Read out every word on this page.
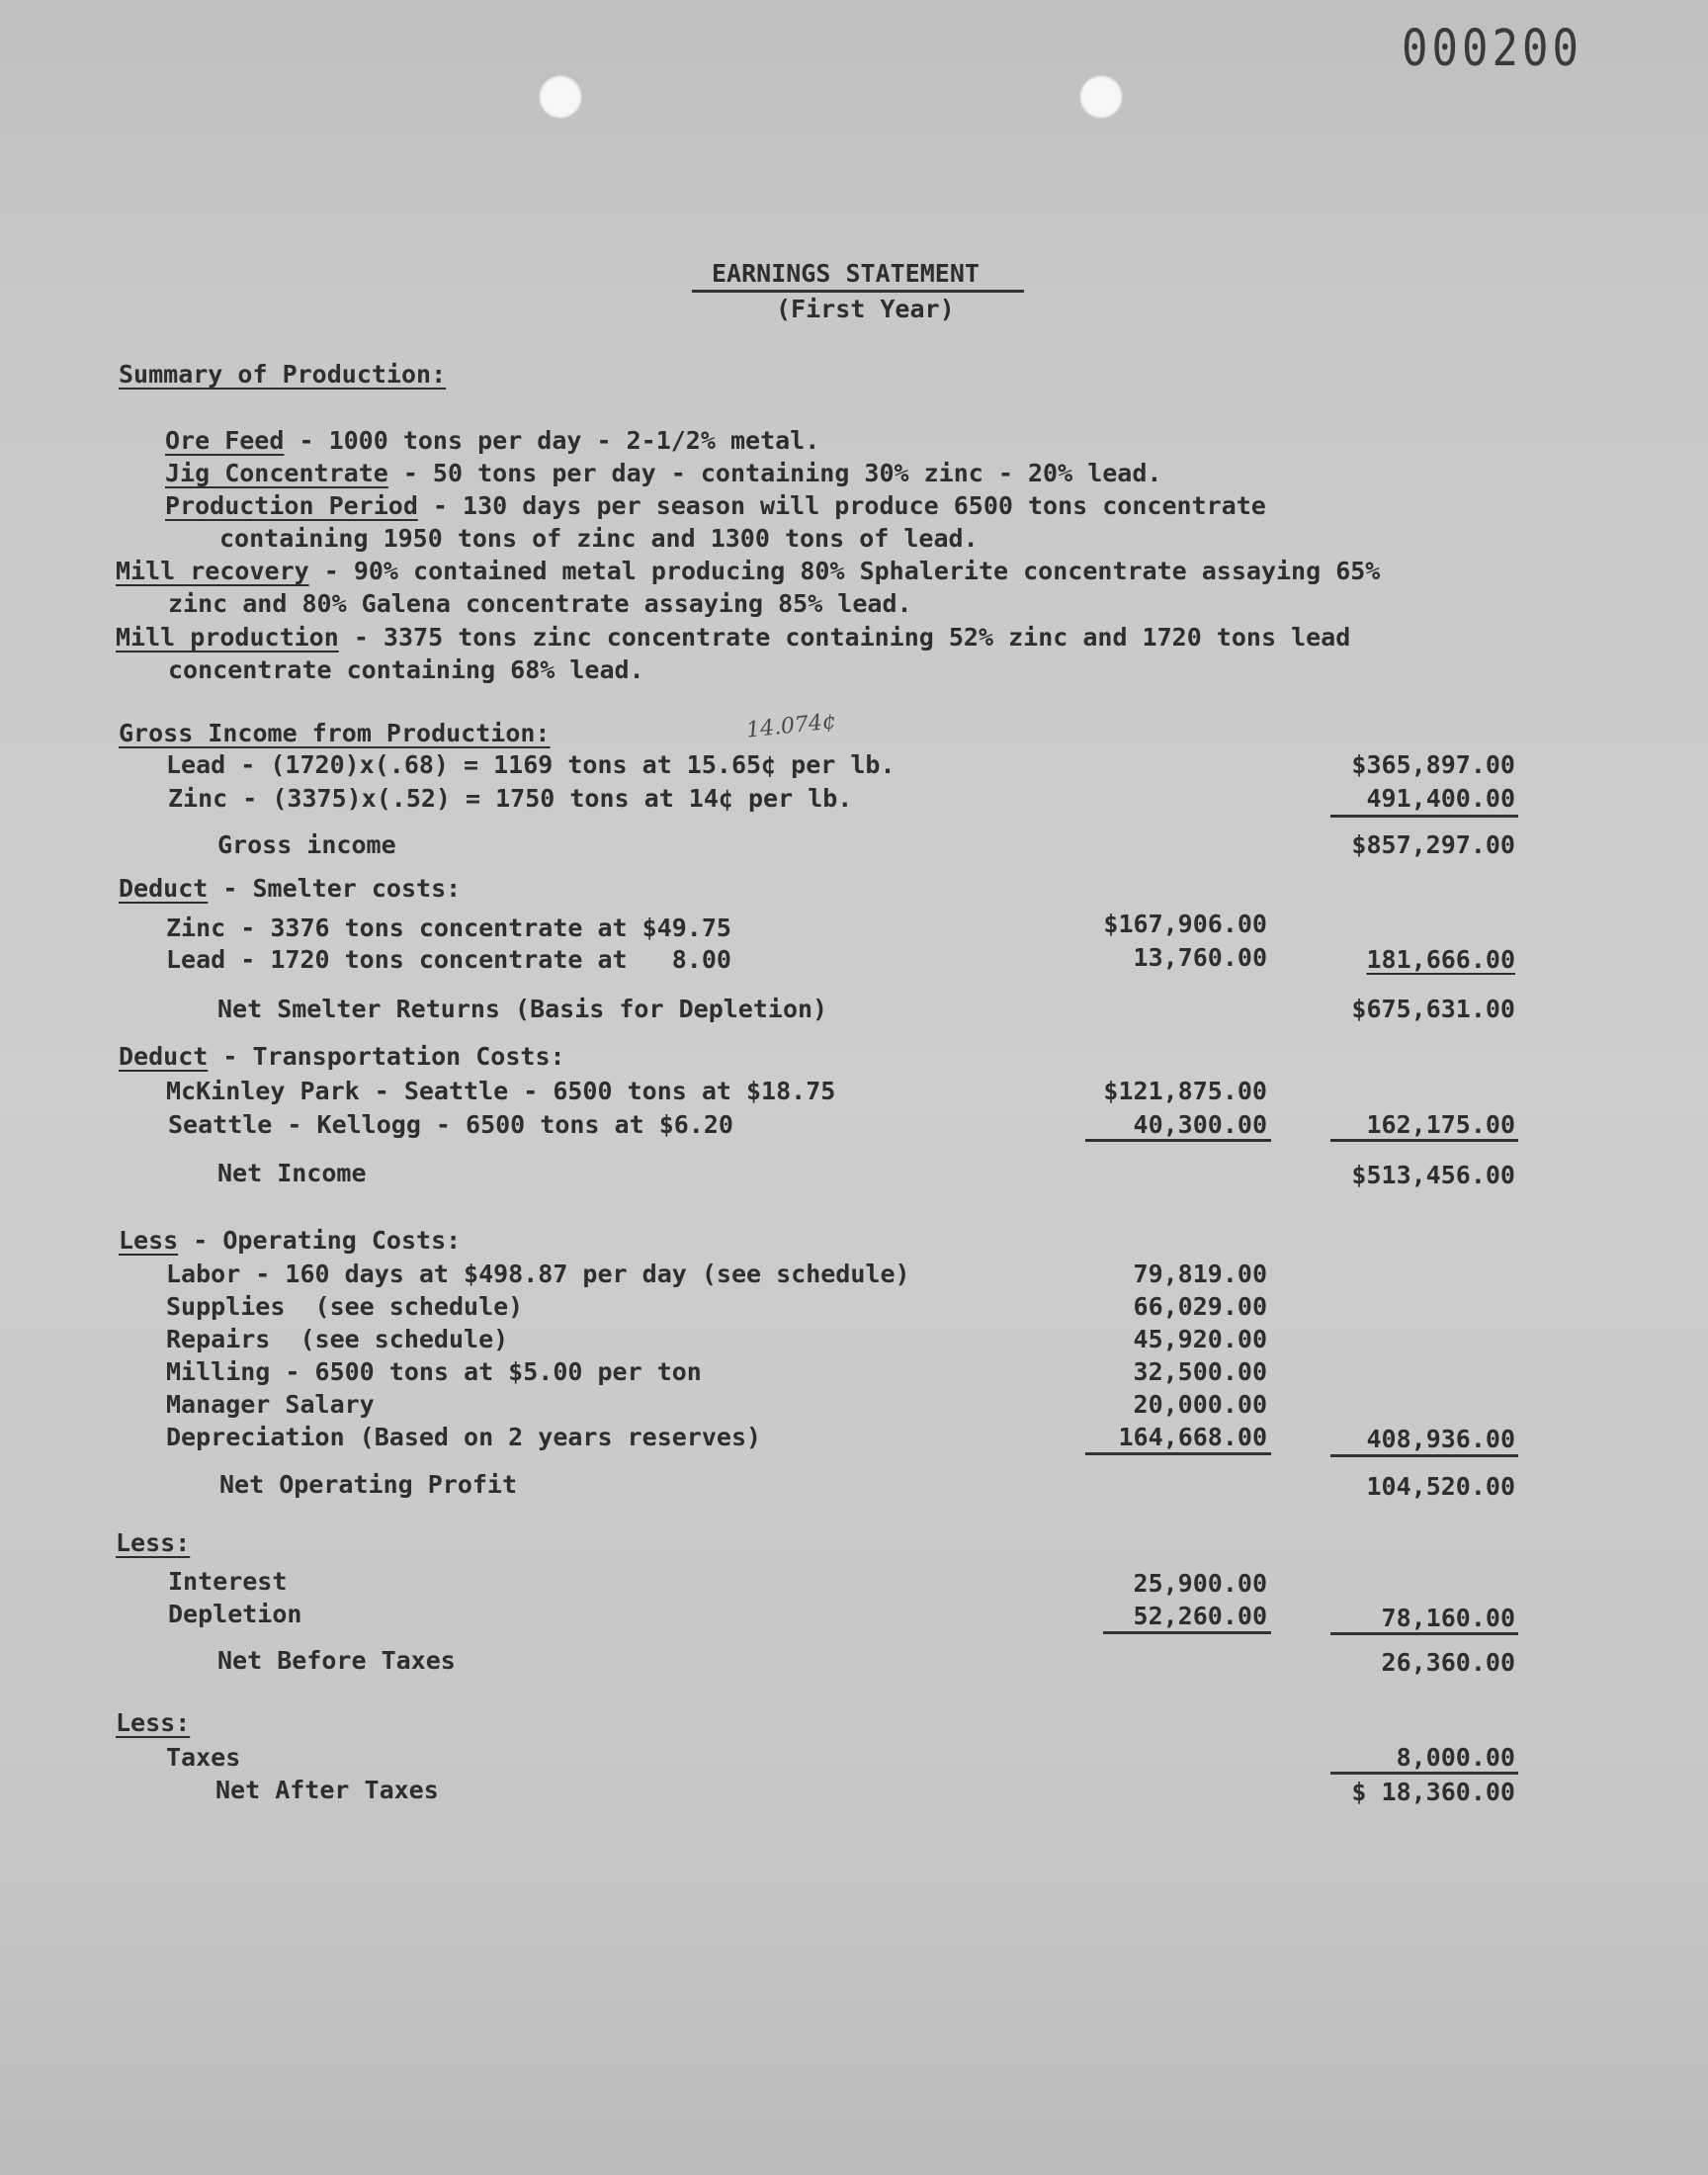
000200
EARNINGS STATEMENT
(First Year)
Summary of Production:
Ore Feed - 1000 tons per day - 2-1/2% metal.
Jig Concentrate - 50 tons per day - containing 30% zinc - 20% lead.
Production Period - 130 days per season will produce 6500 tons concentrate
containing 1950 tons of zinc and 1300 tons of lead.
Mill recovery - 90% contained metal producing 80% Sphalerite concentrate assaying 65%
zinc and 80% Galena concentrate assaying 85% lead.
Mill production - 3375 tons zinc concentrate containing 52% zinc and 1720 tons lead
concentrate containing 68% lead.
Gross Income from Production:	14.074¢
Lead - (1720)x(.68) = 1169 tons at 15.65¢ per lb.	$365,897.00
Zinc - (3375)x(.52) = 1750 tons at 14¢ per lb.	491,400.00
Gross income	$857,297.00
Deduct - Smelter costs:
Zinc - 3376 tons concentrate at $49.75	$167,906.00
Lead - 1720 tons concentrate at   8.00	13,760.00	181,666.00
Net Smelter Returns (Basis for Depletion)	$675,631.00
Deduct - Transportation Costs:
McKinley Park - Seattle - 6500 tons at $18.75	$121,875.00
Seattle - Kellogg - 6500 tons at $6.20	40,300.00	162,175.00
Net Income	$513,456.00
Less - Operating Costs:
Labor - 160 days at $498.87 per day (see schedule)	79,819.00
Supplies  (see schedule)	66,029.00
Repairs  (see schedule)	45,920.00
Milling - 6500 tons at $5.00 per ton	32,500.00
Manager Salary	20,000.00
Depreciation (Based on 2 years reserves)	164,668.00	408,936.00
Net Operating Profit	104,520.00
Less:
Interest	25,900.00
Depletion	52,260.00	78,160.00
Net Before Taxes	26,360.00
Less:
Taxes	8,000.00
Net After Taxes	$ 18,360.00
